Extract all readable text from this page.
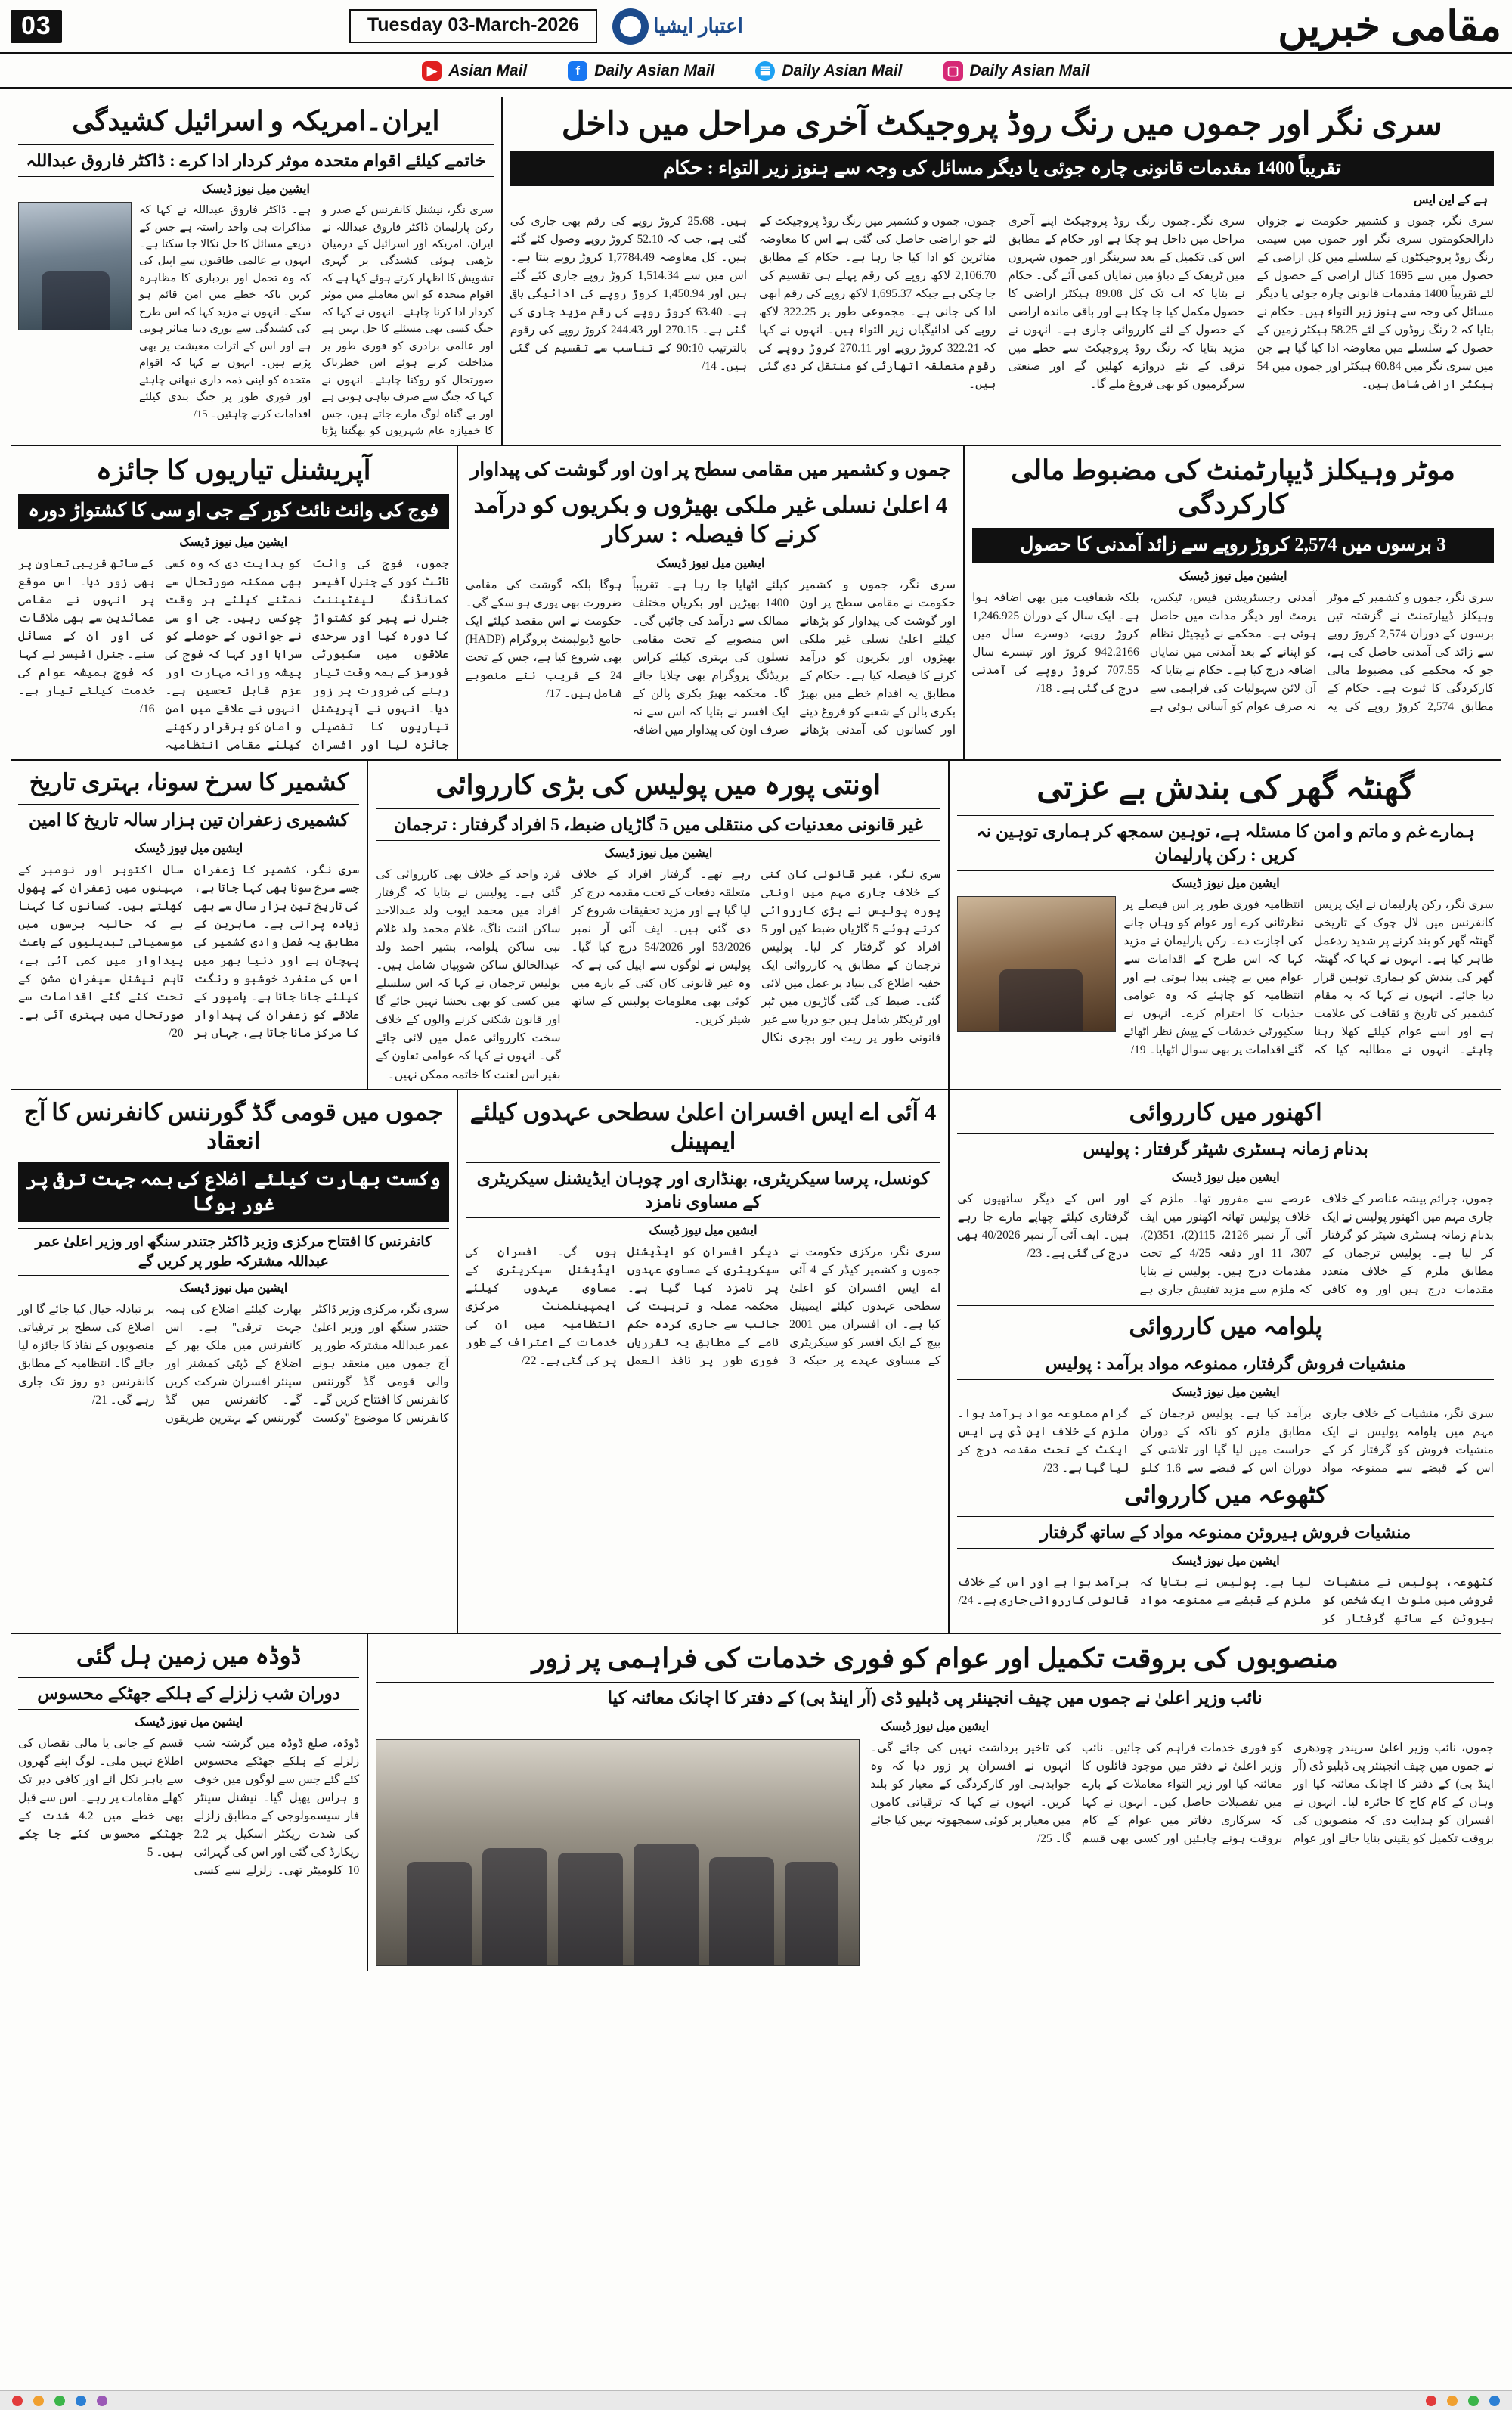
03	Tuesday 03-March-2026	اعتبار ایشیا	مقامی خبریں
▶ Asian Mail	f Daily Asian Mail	𝌆 Daily Asian Mail	▢ Daily Asian Mail
ایران۔امریکہ و اسرائیل کشیدگی
خاتمے کیلئے اقوام متحدہ موثر کردار ادا کرے : ڈاکٹر فاروق عبداللہ
ایشین میل نیوز ڈیسک
سری نگر، نیشنل کانفرنس کے صدر و رکن پارلیمان ڈاکٹر فاروق عبداللہ نے ایران، امریکہ اور اسرائیل کے درمیان بڑھتی ہوئی کشیدگی پر گہری تشویش کا اظہار کرتے ہوئے کہا ہے کہ اقوام متحدہ کو اس معاملے میں موثر کردار ادا کرنا چاہئے۔ انہوں نے کہا کہ جنگ کسی بھی مسئلے کا حل نہیں ہے اور عالمی برادری کو فوری طور پر مداخلت کرتے ہوئے اس خطرناک صورتحال کو روکنا چاہئے۔ انہوں نے کہا کہ جنگ سے صرف تباہی ہوتی ہے اور بے گناہ لوگ مارے جاتے ہیں، جس کا خمیازہ عام شہریوں کو بھگتنا پڑتا ہے۔ ڈاکٹر فاروق عبداللہ نے کہا کہ مذاکرات ہی واحد راستہ ہے جس کے ذریعے مسائل کا حل نکالا جا سکتا ہے۔ انہوں نے عالمی طاقتوں سے اپیل کی کہ وہ تحمل اور بردباری کا مظاہرہ کریں تاکہ خطے میں امن قائم ہو سکے۔ انہوں نے مزید کہا کہ اس طرح کی کشیدگی سے پوری دنیا متاثر ہوتی ہے اور اس کے اثرات معیشت پر بھی پڑتے ہیں۔ انہوں نے کہا کہ اقوام متحدہ کو اپنی ذمہ داری نبھانی چاہئے اور فوری طور پر جنگ بندی کیلئے اقدامات کرنے چاہئیں۔ 15/
سری نگر اور جموں میں رنگ روڈ پروجیکٹ آخری مراحل میں داخل
تقریباً 1400 مقدمات قانونی چارہ جوئی یا دیگر مسائل کی وجہ سے ہنوز زیر التواء : حکام
ہے کے این ایس
سری نگر، جموں و کشمیر حکومت نے جزواں دارالحکومتوں سری نگر اور جموں میں سیمی رنگ روڈ پروجیکٹوں کے سلسلے میں کل اراضی کے حصول میں سے 1695 کنال اراضی کے حصول کے لئے تقریباً 1400 مقدمات قانونی چارہ جوئی یا دیگر مسائل کی وجہ سے ہنوز زیر التواء ہیں۔ حکام نے بتایا کہ 2 رنگ روڈوں کے لئے 58.25 ہیکٹر زمین کے حصول کے سلسلے میں معاوضہ ادا کیا گیا ہے جن میں سری نگر میں 60.84 ہیکٹر اور جموں میں 54 ہیکٹر اراضی شامل ہیں۔
سری نگر۔جموں رنگ روڈ پروجیکٹ اپنے آخری مراحل میں داخل ہو چکا ہے اور حکام کے مطابق اس کی تکمیل کے بعد سرینگر اور جموں شہروں میں ٹریفک کے دباؤ میں نمایاں کمی آئے گی۔ حکام نے بتایا کہ اب تک کل 89.08 ہیکٹر اراضی کا حصول مکمل کیا جا چکا ہے اور باقی ماندہ اراضی کے حصول کے لئے کارروائی جاری ہے۔ انہوں نے مزید بتایا کہ رنگ روڈ پروجیکٹ سے خطے میں ترقی کے نئے دروازے کھلیں گے اور صنعتی سرگرمیوں کو بھی فروغ ملے گا۔
جموں، جموں و کشمیر میں رنگ روڈ پروجیکٹ کے لئے جو اراضی حاصل کی گئی ہے اس کا معاوضہ متاثرین کو ادا کیا جا رہا ہے۔ حکام کے مطابق 2,106.70 لاکھ روپے کی رقم پہلے ہی تقسیم کی جا چکی ہے جبکہ 1,695.37 لاکھ روپے کی رقم ابھی ادا کی جانی ہے۔ مجموعی طور پر 322.25 لاکھ روپے کی ادائیگیاں زیر التواء ہیں۔ انہوں نے کہا کہ 322.21 کروڑ روپے اور 270.11 کروڑ روپے کی رقوم متعلقہ اتھارٹی کو منتقل کر دی گئی ہیں۔
ہیں۔ 25.68 کروڑ روپے کی رقم بھی جاری کی گئی ہے، جب کہ 52.10 کروڑ روپے وصول کئے گئے ہیں۔ کل معاوضہ 1,7784.49 کروڑ روپے بنتا ہے۔ اس میں سے 1,514.34 کروڑ روپے جاری کئے گئے ہیں اور 1,450.94 کروڑ روپے کی ادائیگی باقی ہے۔ 63.40 کروڑ روپے کی رقم مزید جاری کی گئی ہے۔ 270.15 اور 244.43 کروڑ روپے کی رقوم بالترتیب 90:10 کے تناسب سے تقسیم کی گئی ہیں۔ 14/
آپریشنل تیاریوں کا جائزہ
فوج کی وائٹ نائٹ کور کے جی او سی کا کشتواڑ دورہ
ایشین میل نیوز ڈیسک
جموں، فوج کی وائٹ نائٹ کور کے جنرل آفیسر کمانڈنگ لیفٹیننٹ جنرل نے پیر کو کشتواڑ کا دورہ کیا اور سرحدی علاقوں میں سکیورٹی فورسز کے ہمہ وقت تیار رہنے کی ضرورت پر زور دیا۔ انہوں نے آپریشنل تیاریوں کا تفصیلی جائزہ لیا اور افسران کو ہدایت دی کہ وہ کسی بھی ممکنہ صورتحال سے نمٹنے کیلئے ہر وقت چوکس رہیں۔ جی او سی نے جوانوں کے حوصلے کو سراہا اور کہا کہ فوج کی پیشہ ورانہ مہارت اور عزم قابل تحسین ہے۔ انہوں نے علاقے میں امن و امان کو برقرار رکھنے کیلئے مقامی انتظامیہ کے ساتھ قریبی تعاون پر بھی زور دیا۔ اس موقع پر انہوں نے مقامی عمائدین سے بھی ملاقات کی اور ان کے مسائل سنے۔ جنرل آفیسر نے کہا کہ فوج ہمیشہ عوام کی خدمت کیلئے تیار ہے۔ 16/
جموں و کشمیر میں مقامی سطح پر اون اور گوشت کی پیداوار
4 اعلیٰ نسلی غیر ملکی بھیڑوں و بکریوں کو درآمد کرنے کا فیصلہ : سرکار
ایشین میل نیوز ڈیسک
سری نگر، جموں و کشمیر حکومت نے مقامی سطح پر اون اور گوشت کی پیداوار کو بڑھانے کیلئے اعلیٰ نسلی غیر ملکی بھیڑوں اور بکریوں کو درآمد کرنے کا فیصلہ کیا ہے۔ حکام کے مطابق یہ اقدام خطے میں بھیڑ بکری پالن کے شعبے کو فروغ دینے اور کسانوں کی آمدنی بڑھانے کیلئے اٹھایا جا رہا ہے۔ تقریباً 1400 بھیڑیں اور بکریاں مختلف ممالک سے درآمد کی جائیں گی۔ اس منصوبے کے تحت مقامی نسلوں کی بہتری کیلئے کراس بریڈنگ پروگرام بھی چلایا جائے گا۔ محکمہ بھیڑ بکری پالن کے ایک افسر نے بتایا کہ اس سے نہ صرف اون کی پیداوار میں اضافہ ہوگا بلکہ گوشت کی مقامی ضرورت بھی پوری ہو سکے گی۔ حکومت نے اس مقصد کیلئے ایک جامع ڈیولپمنٹ پروگرام (HADP) بھی شروع کیا ہے، جس کے تحت 24 کے قریب نئے منصوبے شامل ہیں۔ 17/
موٹر وہیکلز ڈیپارٹمنٹ کی مضبوط مالی کارکردگی
3 برسوں میں 2,574 کروڑ روپے سے زائد آمدنی کا حصول
ایشین میل نیوز ڈیسک
سری نگر، جموں و کشمیر کے موٹر وہیکلز ڈیپارٹمنٹ نے گزشتہ تین برسوں کے دوران 2,574 کروڑ روپے سے زائد کی آمدنی حاصل کی ہے، جو کہ محکمے کی مضبوط مالی کارکردگی کا ثبوت ہے۔ حکام کے مطابق 2,574 کروڑ روپے کی یہ آمدنی رجسٹریشن فیس، ٹیکس، پرمٹ اور دیگر مدات میں حاصل ہوئی ہے۔ محکمے نے ڈیجیٹل نظام کو اپنانے کے بعد آمدنی میں نمایاں اضافہ درج کیا ہے۔ حکام نے بتایا کہ آن لائن سہولیات کی فراہمی سے نہ صرف عوام کو آسانی ہوئی ہے بلکہ شفافیت میں بھی اضافہ ہوا ہے۔ ایک سال کے دوران 1,246.925 کروڑ روپے، دوسرے سال میں 942.2166 کروڑ اور تیسرے سال 707.55 کروڑ روپے کی آمدنی درج کی گئی ہے۔ 18/
کشمیر کا سرخ سونا، بہتری تاریخ
کشمیری زعفران تین ہزار سالہ تاریخ کا امین
ایشین میل نیوز ڈیسک
سری نگر، کشمیر کا زعفران جسے سرخ سونا بھی کہا جاتا ہے، کی تاریخ تین ہزار سال سے بھی زیادہ پرانی ہے۔ ماہرین کے مطابق یہ فصل وادی کشمیر کی پہچان ہے اور دنیا بھر میں اس کی منفرد خوشبو و رنگت کیلئے جانا جاتا ہے۔ پامپور کے علاقے کو زعفران کی پیداوار کا مرکز مانا جاتا ہے، جہاں ہر سال اکتوبر اور نومبر کے مہینوں میں زعفران کے پھول کھلتے ہیں۔ کسانوں کا کہنا ہے کہ حالیہ برسوں میں موسمیاتی تبدیلیوں کے باعث پیداوار میں کمی آئی ہے، تاہم نیشنل سیفران مشن کے تحت کئے گئے اقدامات سے صورتحال میں بہتری آئی ہے۔ 20/
اونتی پورہ میں پولیس کی بڑی کارروائی
غیر قانونی معدنیات کی منتقلی میں 5 گاڑیاں ضبط، 5 افراد گرفتار : ترجمان
ایشین میل نیوز ڈیسک
سری نگر، غیر قانونی کان کنی کے خلاف جاری مہم میں اونتی پورہ پولیس نے بڑی کارروائی کرتے ہوئے 5 گاڑیاں ضبط کیں اور 5 افراد کو گرفتار کر لیا۔ پولیس ترجمان کے مطابق یہ کارروائی ایک خفیہ اطلاع کی بنیاد پر عمل میں لائی گئی۔ ضبط کی گئی گاڑیوں میں ٹپر اور ٹریکٹر شامل ہیں جو دریا سے غیر قانونی طور پر ریت اور بجری نکال رہے تھے۔ گرفتار افراد کے خلاف متعلقہ دفعات کے تحت مقدمہ درج کر لیا گیا ہے اور مزید تحقیقات شروع کر دی گئی ہیں۔ ایف آئی آر نمبر 53/2026 اور 54/2026 درج کیا گیا۔ پولیس نے لوگوں سے اپیل کی ہے کہ وہ غیر قانونی کان کنی کے بارے میں کوئی بھی معلومات پولیس کے ساتھ شیئر کریں۔
فرد واحد کے خلاف بھی کارروائی کی گئی ہے۔ پولیس نے بتایا کہ گرفتار افراد میں محمد ایوب ولد عبدالاحد ساکن اننت ناگ، غلام محمد ولد غلام نبی ساکن پلوامہ، بشیر احمد ولد عبدالخالق ساکن شوپیاں شامل ہیں۔ پولیس ترجمان نے کہا کہ اس سلسلے میں کسی کو بھی بخشا نہیں جائے گا اور قانون شکنی کرنے والوں کے خلاف سخت کارروائی عمل میں لائی جائے گی۔ انہوں نے کہا کہ عوامی تعاون کے بغیر اس لعنت کا خاتمہ ممکن نہیں۔
گھنٹہ گھر کی بندش بے عزتی
ہمارے غم و ماتم و امن کا مسئلہ ہے، توہین سمجھ کر ہماری توہین نہ کریں : رکن پارلیمان
ایشین میل نیوز ڈیسک
سری نگر، رکن پارلیمان نے ایک پریس کانفرنس میں لال چوک کے تاریخی گھنٹہ گھر کو بند کرنے پر شدید ردعمل ظاہر کیا ہے۔ انہوں نے کہا کہ گھنٹہ گھر کی بندش کو ہماری توہین قرار دیا جائے۔ انہوں نے کہا کہ یہ مقام کشمیر کی تاریخ و ثقافت کی علامت ہے اور اسے عوام کیلئے کھلا رہنا چاہئے۔ انہوں نے مطالبہ کیا کہ انتظامیہ فوری طور پر اس فیصلے پر نظرثانی کرے اور عوام کو وہاں جانے کی اجازت دے۔ رکن پارلیمان نے مزید کہا کہ اس طرح کے اقدامات سے عوام میں بے چینی پیدا ہوتی ہے اور انتظامیہ کو چاہئے کہ وہ عوامی جذبات کا احترام کرے۔ انہوں نے سکیورٹی خدشات کے پیش نظر اٹھائے گئے اقدامات پر بھی سوال اٹھایا۔ 19/
جموں میں قومی گڈ گورننس کانفرنس کا آج انعقاد
وکست بھارت کیلئے اضلاع کی ہمہ جہت ترقی پر غور ہوگا
کانفرنس کا افتتاح مرکزی وزیر ڈاکٹر جتندر سنگھ اور وزیر اعلیٰ عمر عبداللہ مشترکہ طور پر کریں گے
ایشین میل نیوز ڈیسک
سری نگر، مرکزی وزیر ڈاکٹر جتندر سنگھ اور وزیر اعلیٰ عمر عبداللہ مشترکہ طور پر آج جموں میں منعقد ہونے والی قومی گڈ گورننس کانفرنس کا افتتاح کریں گے۔ کانفرنس کا موضوع ''وکست بھارت کیلئے اضلاع کی ہمہ جہت ترقی'' ہے۔ اس کانفرنس میں ملک بھر کے اضلاع کے ڈپٹی کمشنر اور سینئر افسران شرکت کریں گے۔ کانفرنس میں گڈ گورننس کے بہترین طریقوں پر تبادلہ خیال کیا جائے گا اور اضلاع کی سطح پر ترقیاتی منصوبوں کے نفاذ کا جائزہ لیا جائے گا۔ انتظامیہ کے مطابق کانفرنس دو روز تک جاری رہے گی۔ 21/
4 آئی اے ایس افسران اعلیٰ سطحی عہدوں کیلئے ایمپینل
کونسل، پرسا سیکریٹری، بھنڈاری اور چوہان ایڈیشنل سیکریٹری کے مساوی نامزد
ایشین میل نیوز ڈیسک
سری نگر، مرکزی حکومت نے جموں و کشمیر کیڈر کے 4 آئی اے ایس افسران کو اعلیٰ سطحی عہدوں کیلئے ایمپینل کیا ہے۔ ان افسران میں 2001 بیچ کے ایک افسر کو سیکریٹری کے مساوی عہدے پر جبکہ 3 دیگر افسران کو ایڈیشنل سیکریٹری کے مساوی عہدوں پر نامزد کیا گیا ہے۔ محکمہ عملہ و تربیت کی جانب سے جاری کردہ حکم نامے کے مطابق یہ تقرریاں فوری طور پر نافذ العمل ہوں گی۔ افسران کی ایڈیشنل سیکریٹری کے مساوی عہدوں کیلئے ایمپینلمنٹ مرکزی انتظامیہ میں ان کی خدمات کے اعتراف کے طور پر کی گئی ہے۔ 22/
اکھنور میں کارروائی
بدنام زمانہ ہسٹری شیٹر گرفتار : پولیس
ایشین میل نیوز ڈیسک
جموں، جرائم پیشہ عناصر کے خلاف جاری مہم میں اکھنور پولیس نے ایک بدنام زمانہ ہسٹری شیٹر کو گرفتار کر لیا ہے۔ پولیس ترجمان کے مطابق ملزم کے خلاف متعدد مقدمات درج ہیں اور وہ کافی عرصے سے مفرور تھا۔ ملزم کے خلاف پولیس تھانہ اکھنور میں ایف آئی آر نمبر 2126، 115(2)، 351(2)، 307، 11 اور دفعہ 4/25 کے تحت مقدمات درج ہیں۔ پولیس نے بتایا کہ ملزم سے مزید تفتیش جاری ہے اور اس کے دیگر ساتھیوں کی گرفتاری کیلئے چھاپے مارے جا رہے ہیں۔ ایف آئی آر نمبر 40/2026 بھی درج کی گئی ہے۔ 23/
پلوامہ میں کارروائی
منشیات فروش گرفتار، ممنوعہ مواد برآمد : پولیس
ایشین میل نیوز ڈیسک
سری نگر، منشیات کے خلاف جاری مہم میں پلوامہ پولیس نے ایک منشیات فروش کو گرفتار کر کے اس کے قبضے سے ممنوعہ مواد برآمد کیا ہے۔ پولیس ترجمان کے مطابق ملزم کو ناکہ کے دوران حراست میں لیا گیا اور تلاشی کے دوران اس کے قبضے سے 1.6 کلو گرام ممنوعہ مواد برآمد ہوا۔ ملزم کے خلاف این ڈی پی ایس ایکٹ کے تحت مقدمہ درج کر لیا گیا ہے۔ 23/
کٹھوعہ میں کارروائی
منشیات فروش ہیروئن ممنوعہ مواد کے ساتھ گرفتار
ایشین میل نیوز ڈیسک
کٹھوعہ، پولیس نے منشیات فروشی میں ملوث ایک شخص کو ہیروئن کے ساتھ گرفتار کر لیا ہے۔ پولیس نے بتایا کہ ملزم کے قبضے سے ممنوعہ مواد برآمد ہوا ہے اور اس کے خلاف قانونی کارروائی جاری ہے۔ 24/
ڈوڈہ میں زمین ہل گئی
دوران شب زلزلے کے ہلکے جھٹکے محسوس
ایشین میل نیوز ڈیسک
ڈوڈہ، ضلع ڈوڈہ میں گزشتہ شب زلزلے کے ہلکے جھٹکے محسوس کئے گئے جس سے لوگوں میں خوف و ہراس پھیل گیا۔ نیشنل سینٹر فار سیسمولوجی کے مطابق زلزلے کی شدت ریکٹر اسکیل پر 2.2 ریکارڈ کی گئی اور اس کی گہرائی 10 کلومیٹر تھی۔ زلزلے سے کسی قسم کے جانی یا مالی نقصان کی اطلاع نہیں ملی۔ لوگ اپنے گھروں سے باہر نکل آئے اور کافی دیر تک کھلے مقامات پر رہے۔ اس سے قبل بھی خطے میں 4.2 شدت کے جھٹکے محسوس کئے جا چکے ہیں۔ 5
منصوبوں کی بروقت تکمیل اور عوام کو فوری خدمات کی فراہمی پر زور
نائب وزیر اعلیٰ نے جموں میں چیف انجینئر پی ڈبلیو ڈی (آر اینڈ بی) کے دفتر کا اچانک معائنہ کیا
ایشین میل نیوز ڈیسک
جموں، نائب وزیر اعلیٰ سریندر چودھری نے جموں میں چیف انجینئر پی ڈبلیو ڈی (آر اینڈ بی) کے دفتر کا اچانک معائنہ کیا اور وہاں کے کام کاج کا جائزہ لیا۔ انہوں نے افسران کو ہدایت دی کہ منصوبوں کی بروقت تکمیل کو یقینی بنایا جائے اور عوام کو فوری خدمات فراہم کی جائیں۔ نائب وزیر اعلیٰ نے دفتر میں موجود فائلوں کا معائنہ کیا اور زیر التواء معاملات کے بارے میں تفصیلات حاصل کیں۔ انہوں نے کہا کہ سرکاری دفاتر میں عوام کے کام بروقت ہونے چاہئیں اور کسی بھی قسم کی تاخیر برداشت نہیں کی جائے گی۔ انہوں نے افسران پر زور دیا کہ وہ جوابدہی اور کارکردگی کے معیار کو بلند کریں۔ انہوں نے کہا کہ ترقیاتی کاموں میں معیار پر کوئی سمجھوتہ نہیں کیا جائے گا۔ 25/
